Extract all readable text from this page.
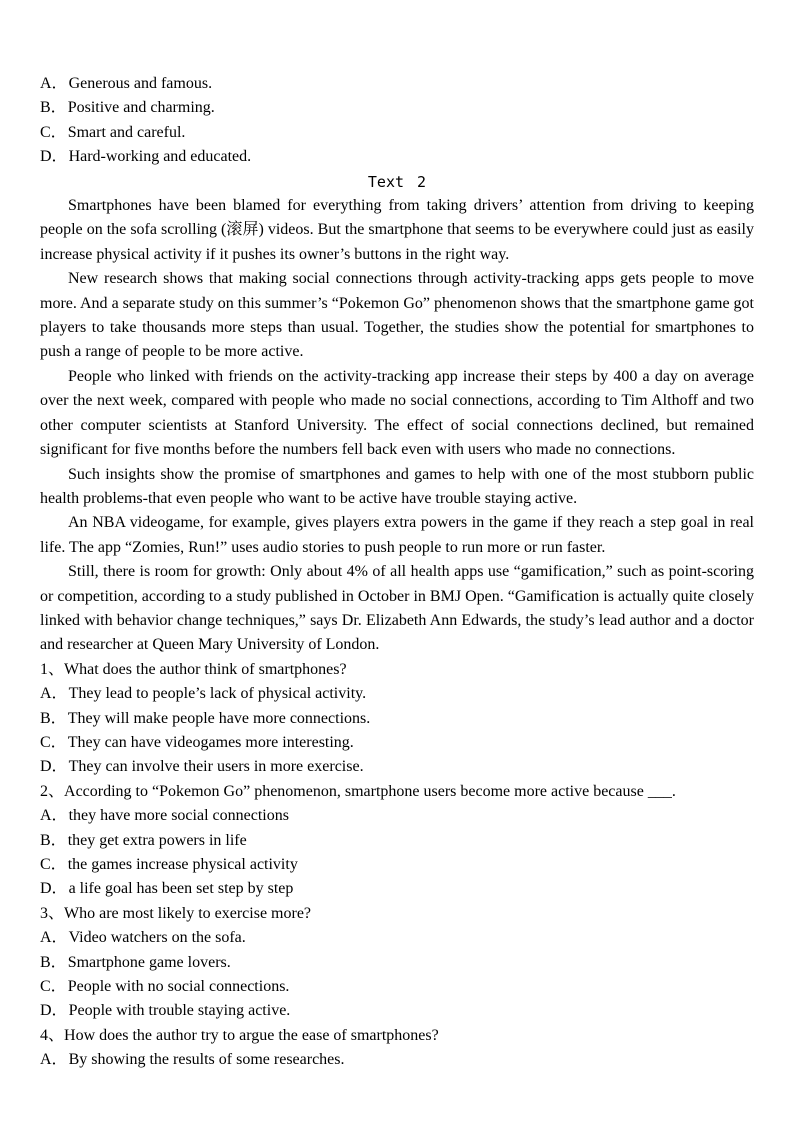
A． Generous and famous.
B． Positive and charming.
C． Smart and careful.
D． Hard-working and educated.
Text 2

Smartphones have been blamed for everything from taking drivers’ attention from driving to keeping people on the sofa scrolling (滚屏) videos. But the smartphone that seems to be everywhere could just as easily increase physical activity if it pushes its owner’s buttons in the right way.

New research shows that making social connections through activity-tracking apps gets people to move more. And a separate study on this summer’s “Pokemon Go” phenomenon shows that the smartphone game got players to take thousands more steps than usual. Together, the studies show the potential for smartphones to push a range of people to be more active.

People who linked with friends on the activity-tracking app increase their steps by 400 a day on average over the next week, compared with people who made no social connections, according to Tim Althoff and two other computer scientists at Stanford University. The effect of social connections declined, but remained significant for five months before the numbers fell back even with users who made no connections.

Such insights show the promise of smartphones and games to help with one of the most stubborn public health problems-that even people who want to be active have trouble staying active.

An NBA videogame, for example, gives players extra powers in the game if they reach a step goal in real life. The app “Zomies, Run!” uses audio stories to push people to run more or run faster.

Still, there is room for growth: Only about 4% of all health apps use “gamification,” such as point-scoring or competition, according to a study published in October in BMJ Open. “Gamification is actually quite closely linked with behavior change techniques,” says Dr. Elizabeth Ann Edwards, the study’s lead author and a doctor and researcher at Queen Mary University of London.

1、What does the author think of smartphones?
A． They lead to people’s lack of physical activity.
B． They will make people have more connections.
C． They can have videogames more interesting.
D． They can involve their users in more exercise.
2、According to “Pokemon Go” phenomenon, smartphone users become more active because ___.
A． they have more social connections
B． they get extra powers in life
C． the games increase physical activity
D． a life goal has been set step by step
3、Who are most likely to exercise more?
A． Video watchers on the sofa.
B． Smartphone game lovers.
C． People with no social connections.
D． People with trouble staying active.
4、How does the author try to argue the ease of smartphones?
A． By showing the results of some researches.
